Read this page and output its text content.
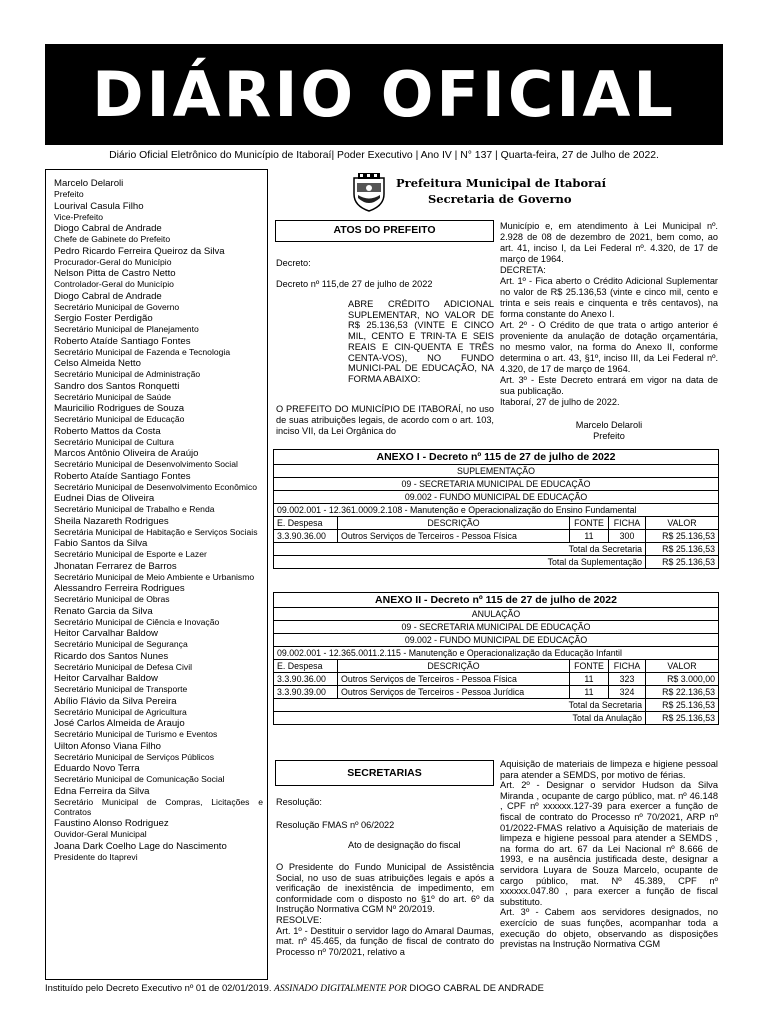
DIÁRIO OFICIAL
Diário Oficial Eletrônico do Município de Itaboraí| Poder Executivo | Ano IV | N° 137 | Quarta-feira, 27 de Julho de 2022.
Marcelo Delaroli
Prefeito
Lourival Casula Filho
Vice-Prefeito
Diogo Cabral de Andrade
Chefe de Gabinete do Prefeito
Pedro Ricardo Ferreira Queiroz da Silva
Procurador-Geral do Município
Nelson Pitta de Castro Netto
Controlador-Geral do Município
Diogo Cabral de Andrade
Secretário Municipal de Governo
Sergio Foster Perdigão
Secretário Municipal de Planejamento
Roberto Ataíde Santiago Fontes
Secretário Municipal de Fazenda e Tecnologia
Celso Almeida Netto
Secretário Municipal de Administração
Sandro dos Santos Ronquetti
Secretário Municipal de Saúde
Mauricilio Rodrigues de Souza
Secretário Municipal de Educação
Roberto Mattos da Costa
Secretário Municipal de Cultura
Marcos Antônio Oliveira de Araújo
Secretário Municipal de Desenvolvimento Social
Roberto Ataíde Santiago Fontes
Secretário Municipal de Desenvolvimento Econômico
Eudnei Dias de Oliveira
Secretário Municipal de Trabalho e Renda
Sheila Nazareth Rodrigues
Secretária Municipal de Habitação e Serviços Sociais
Fabio Santos da Silva
Secretário Municipal de Esporte e Lazer
Jhonatan Ferrarez de Barros
Secretário Municipal de Meio Ambiente e Urbanismo
Alessandro Ferreira Rodrigues
Secretário Municipal de Obras
Renato Garcia da Silva
Secretário Municipal de Ciência e Inovação
Heitor Carvalhar Baldow
Secretário Municipal de Segurança
Ricardo dos Santos Nunes
Secretário Municipal de Defesa Civil
Heitor Carvalhar Baldow
Secretário Municipal de Transporte
Abílio Flávio da Silva Pereira
Secretário Municipal de Agricultura
José Carlos Almeida de Araujo
Secretário Municipal de Turismo e Eventos
Uilton Afonso Viana Filho
Secretário Municipal de Serviços Públicos
Eduardo Novo Terra
Secretário Municipal de Comunicação Social
Edna Ferreira da Silva
Secretário Municipal de Compras, Licitações e Contratos
Faustino Alonso Rodriguez
Ouvidor-Geral Municipal
Joana Dark Coelho Lage do Nascimento
Presidente do Itaprevi
Prefeitura Municipal de Itaboraí
Secretaria de Governo
ATOS DO PREFEITO
Decreto:
Decreto nº 115,de 27 de julho de 2022
ABRE CRÉDITO ADICIONAL SUPLEMENTAR, NO VALOR DE R$ 25.136,53 (VINTE E CINCO MIL, CENTO E TRIN-TA E SEIS REAIS E CIN-QUENTA E TRÊS CENTA-VOS), NO FUNDO MUNICI-PAL DE EDUCAÇÃO, NA FORMA ABAIXO:
O PREFEITO DO MUNICÍPIO DE ITABORAÍ, no uso de suas atribuições legais, de acordo com o art. 103, inciso VII, da Lei Orgânica do

Município e, em atendimento à Lei Municipal nº. 2.928 de 08 de dezembro de 2021, bem como, ao art. 41, inciso I, da Lei Federal nº. 4.320, de 17 de março de 1964.

DECRETA:

Art. 1º - Fica aberto o Crédito Adicional Suplementar no valor de R$ 25.136,53 (vinte e cinco mil, cento e trinta e seis reais e cinquenta e três centavos), na forma constante do Anexo I.

Art. 2º - O Crédito de que trata o artigo anterior é proveniente da anulação de dotação orçamentária, no mesmo valor, na forma do Anexo II, conforme determina o art. 43, §1º, inciso III, da Lei Federal nº. 4.320, de 17 de março de 1964.

Art. 3º - Este Decreto entrará em vigor na data de sua publicação.

Itaboraí, 27 de julho de 2022.

Marcelo Delaroli
Prefeito
ANEXO I - Decreto nº 115 de 27 de julho de 2022				
SUPLEMENTAÇÃO				
09 - SECRETARIA MUNICIPAL DE EDUCAÇÃO				
09.002 - FUNDO MUNICIPAL DE EDUCAÇÃO				
09.002.001 - 12.361.0009.2.108 - Manutenção e Operacionalização do Ensino Fundamental				
E. Despesa	DESCRIÇÃO	FONTE	FICHA	VALOR
3.3.90.36.00	Outros Serviços de Terceiros - Pessoa Física	11	300	R$ 25.136,53
Total da Secretaria				R$ 25.136,53
Total da Suplementação				R$ 25.136,53
ANEXO II - Decreto nº 115 de 27 de julho de 2022				
ANULAÇÃO				
09 - SECRETARIA MUNICIPAL DE EDUCAÇÃO				
09.002 - FUNDO MUNICIPAL DE EDUCAÇÃO				
09.002.001 - 12.365.0011.2.115 - Manutenção e Operacionalização da Educação Infantil				
E. Despesa	DESCRIÇÃO	FONTE	FICHA	VALOR
3.3.90.36.00	Outros Serviços de Terceiros - Pessoa Física	11	323	R$ 3.000,00
3.3.90.39.00	Outros Serviços de Terceiros - Pessoa Jurídica	11	324	R$ 22.136,53
Total da Secretaria				R$ 25.136,53
Total da Anulação				R$ 25.136,53
SECRETARIAS
Resolução:
Resolução FMAS nº 06/2022
Ato de designação do fiscal

O Presidente do Fundo Municipal de Assistência Social, no uso de suas atribuições legais e após a verificação de inexistência de impedimento, em conformidade com o disposto no §1º do art. 6º da Instrução Normativa CGM Nº 20/2019.

RESOLVE:

Art. 1º - Destituir o servidor Iago do Amaral Daumas, mat. nº 45.465, da função de fiscal de contrato do Processo nº 70/2021, relativo a

Aquisição de materiais de limpeza e higiene pessoal para atender a SEMDS, por motivo de férias.

Art. 2º - Designar o servidor Hudson da Silva Miranda , ocupante de cargo público, mat. nº 46.148 , CPF nº xxxxxx.127-39 para exercer a função de fiscal de contrato do Processo nº 70/2021, ARP nº 01/2022-FMAS relativo a Aquisição de materiais de limpeza e higiene pessoal para atender a SEMDS , na forma do art. 67 da Lei Nacional nº 8.666 de 1993, e na ausência justificada deste, designar a servidora Luyara de Souza Marcelo, ocupante de cargo público, mat. Nº 45.389, CPF nº xxxxxx.047.80 , para exercer a função de fiscal substituto.

Art. 3º - Cabem aos servidores designados, no exercício de suas funções, acompanhar toda a execução do objeto, observando as disposições previstas na Instrução Normativa CGM

Instituído pelo Decreto Executivo nº 01 de 02/01/2019. ASSINADO DIGITALMENTE POR DIOGO CABRAL DE ANDRADE
